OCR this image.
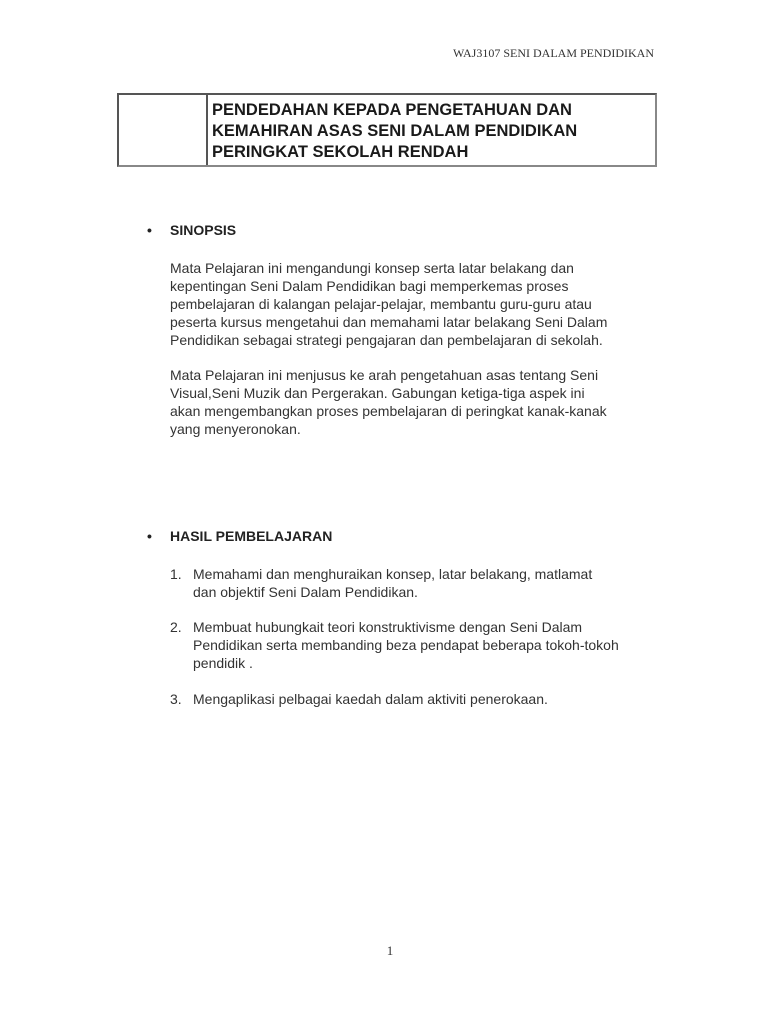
WAJ3107 SENI DALAM PENDIDIKAN
PENDEDAHAN KEPADA PENGETAHUAN DAN
KEMAHIRAN ASAS SENI DALAM PENDIDIKAN
PERINGKAT SEKOLAH RENDAH
• SINOPSIS
Mata Pelajaran ini mengandungi konsep serta latar belakang dan
kepentingan Seni Dalam Pendidikan bagi memperkemas proses
pembelajaran di kalangan pelajar-pelajar, membantu guru-guru atau
peserta kursus mengetahui dan memahami latar belakang Seni Dalam
Pendidikan sebagai strategi pengajaran dan pembelajaran di sekolah.
Mata Pelajaran ini menjusus ke arah pengetahuan asas tentang Seni
Visual,Seni Muzik dan Pergerakan. Gabungan ketiga-tiga aspek ini
akan mengembangkan proses pembelajaran di peringkat kanak-kanak
yang menyeronokan.
• HASIL PEMBELAJARAN
1. Memahami dan menghuraikan konsep, latar belakang, matlamat
dan objektif Seni Dalam Pendidikan.
2. Membuat hubungkait teori konstruktivisme dengan Seni Dalam
Pendidikan serta membanding beza pendapat beberapa tokoh-tokoh
pendidik .
3. Mengaplikasi pelbagai kaedah dalam aktiviti penerokaan.
1
